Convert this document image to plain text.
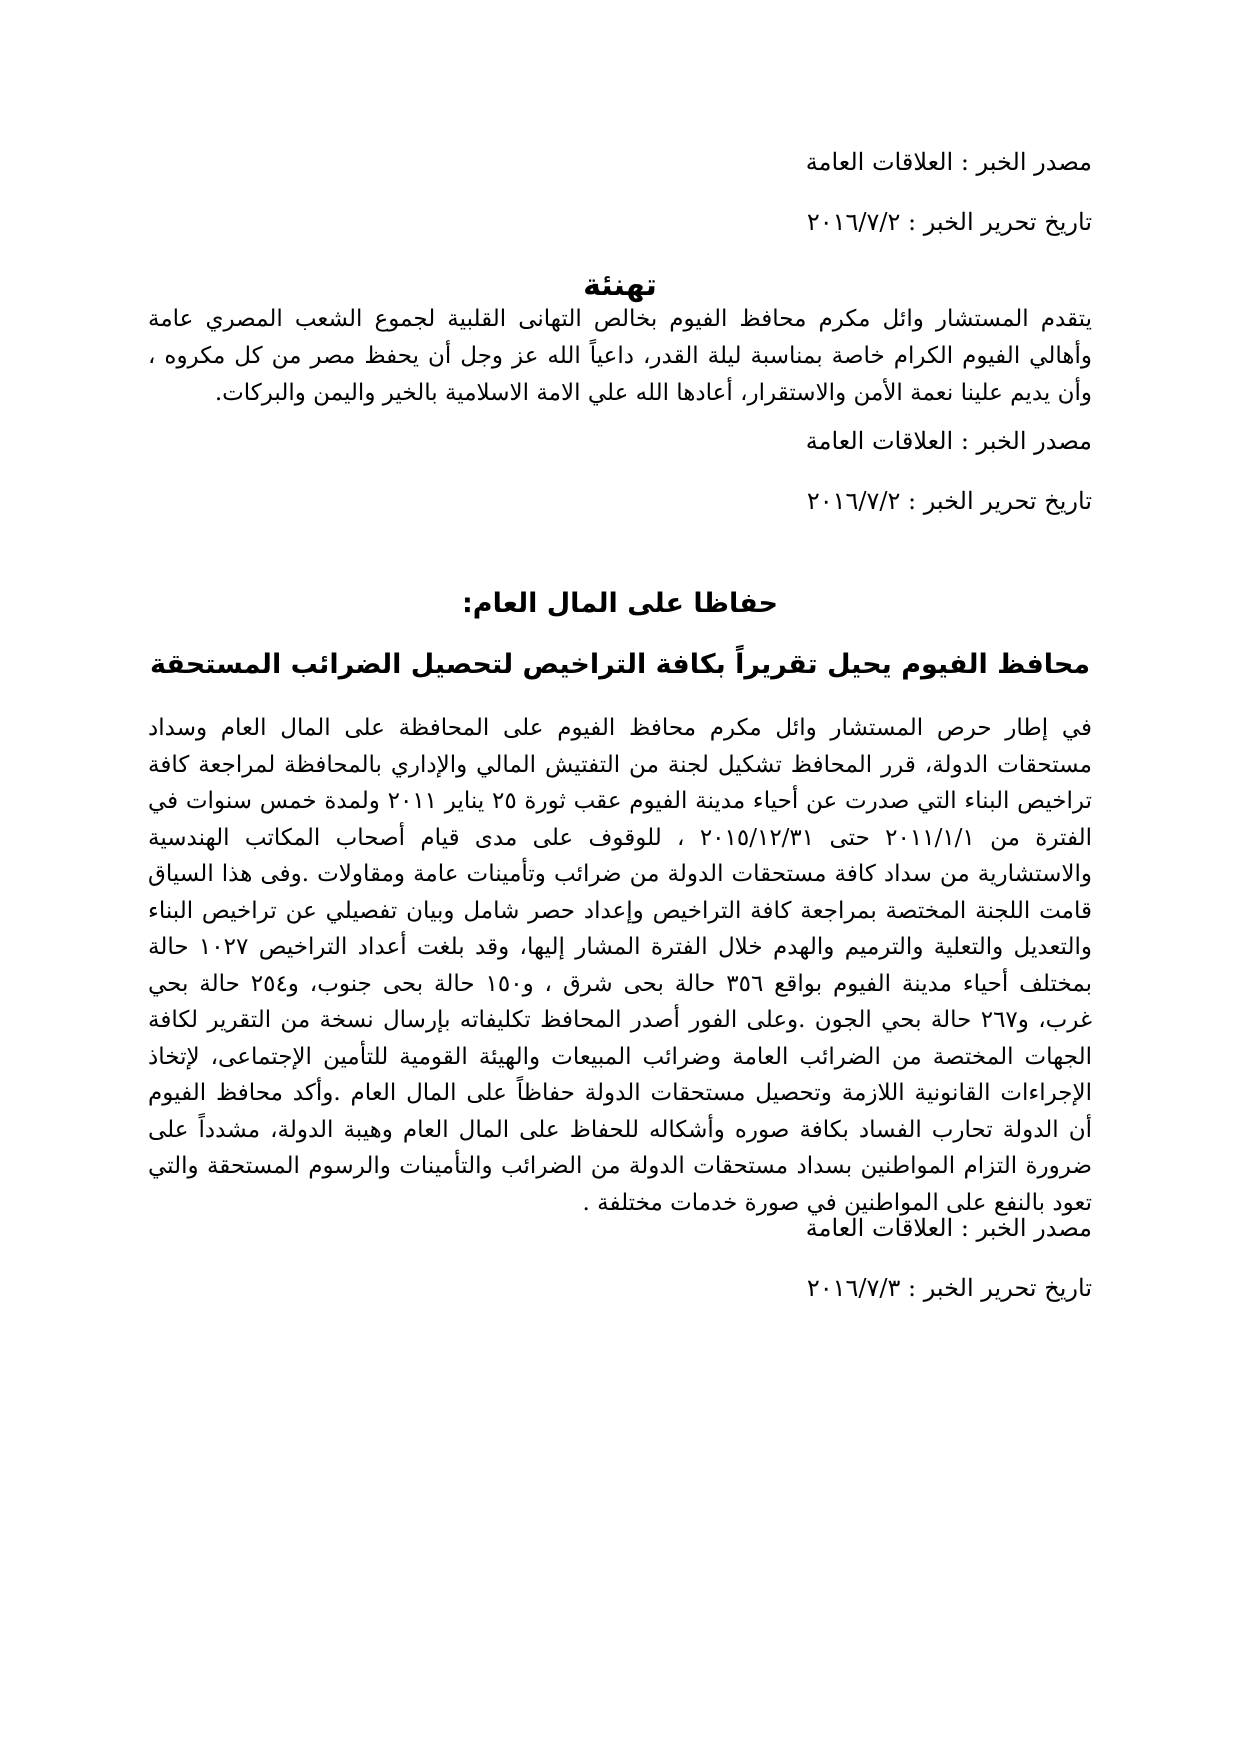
مصدر الخبر : العلاقات العامة
تاريخ تحرير الخبر : ٢٠١٦/٧/٢
تهنئة
يتقدم المستشار وائل مكرم محافظ الفيوم بخالص التهانى القلبية لجموع الشعب المصري عامة وأهالي الفيوم الكرام خاصة بمناسبة ليلة القدر، داعياً الله عز وجل أن يحفظ مصر من كل مكروه ، وأن يديم علينا نعمة الأمن والاستقرار، أعادها الله علي الامة الاسلامية بالخير واليمن والبركات.
مصدر الخبر : العلاقات العامة
تاريخ تحرير الخبر : ٢٠١٦/٧/٢
حفاظا على المال العام:
محافظ الفيوم يحيل تقريراً بكافة التراخيص لتحصيل الضرائب المستحقة
في إطار حرص المستشار وائل مكرم محافظ الفيوم على المحافظة على المال العام وسداد مستحقات الدولة، قرر المحافظ تشكيل لجنة من التفتيش المالي والإداري بالمحافظة لمراجعة كافة تراخيص البناء التي صدرت عن أحياء مدينة الفيوم عقب ثورة ٢٥ يناير ٢٠١١ ولمدة خمس سنوات في الفترة من ٢٠١١/١/١ حتى ٢٠١٥/١٢/٣١ ، للوقوف على مدى قيام أصحاب المكاتب الهندسية والاستشارية من سداد كافة مستحقات الدولة من ضرائب وتأمينات عامة ومقاولات .وفى هذا السياق قامت اللجنة المختصة بمراجعة كافة التراخيص وإعداد حصر شامل وبيان تفصيلي عن تراخيص البناء والتعديل والتعلية والترميم والهدم خلال الفترة المشار إليها، وقد بلغت أعداد التراخيص ١٠٢٧ حالة بمختلف أحياء مدينة الفيوم بواقع ٣٥٦ حالة بحى شرق ، و١٥٠ حالة بحى جنوب، و٢٥٤ حالة بحي غرب، و٢٦٧ حالة بحي الجون .وعلى الفور أصدر المحافظ تكليفاته بإرسال نسخة من التقرير لكافة الجهات المختصة من الضرائب العامة وضرائب المبيعات والهيئة القومية للتأمين الإجتماعى، لإتخاذ الإجراءات القانونية اللازمة وتحصيل مستحقات الدولة حفاظاً على المال العام .وأكد محافظ الفيوم أن الدولة تحارب الفساد بكافة صوره وأشكاله للحفاظ على المال العام وهيبة الدولة، مشدداً على ضرورة التزام المواطنين بسداد مستحقات الدولة من الضرائب والتأمينات والرسوم المستحقة والتي تعود بالنفع على المواطنين في صورة خدمات مختلفة .
مصدر الخبر : العلاقات العامة
تاريخ تحرير الخبر : ٢٠١٦/٧/٣
